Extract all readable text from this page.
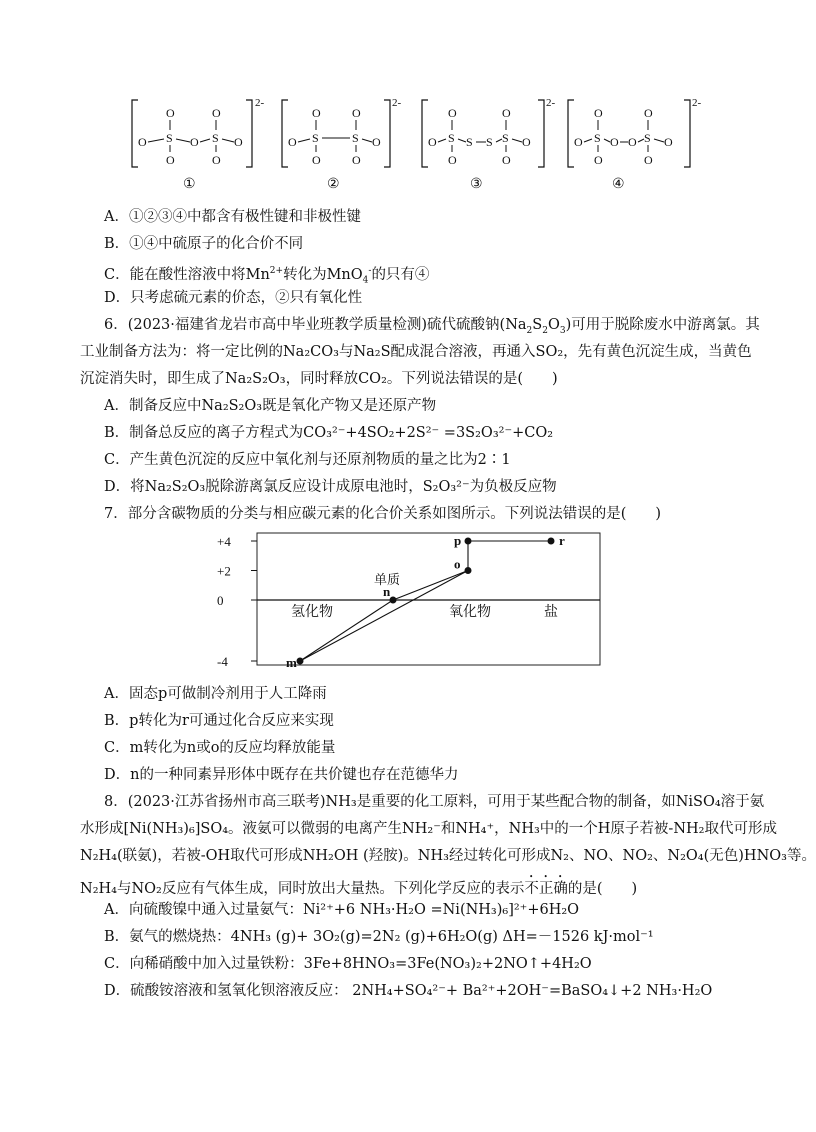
2-
O
S
O
O	O
O
S
O
O
2-
O
O
S
O
O
S
O
O
2-
O
O
S
O
S S
O
S
O
O
2-
O
O
S
O
O O
O
S
O
O
①	②	③	④
A．①②③④中都含有极性键和非极性键
B．①④中硫原子的化合价不同
C．能在酸性溶液中将$Mn^{2+}$转化为MnO$_4$-的只有④
D．只考虑硫元素的价态，②只有氧化性
6．(2023·福建省龙岩市高中毕业班教学质量检测)硫代硫酸钠$(Na_2S_2O_3)$可用于脱除废水中游离氯。其
工业制备方法为：将一定比例的Na₂CO₃与Na₂S配成混合溶液，再通入SO₂，先有黄色沉淀生成，当黄色
沉淀消失时，即生成了Na₂S₂O₃，同时释放CO₂。下列说法错误的是(　　)
A．制备反应中Na₂S₂O₃既是氧化产物又是还原产物
B．制备总反应的离子方程式为CO₃²⁻+4SO₂+2S²⁻ =3S₂O₃²⁻+CO₂
C．产生黄色沉淀的反应中氧化剂与还原剂物质的量之比为2∶1
D．将Na₂S₂O₃脱除游离氯反应设计成原电池时，S₂O₃²⁻为负极反应物
7．部分含碳物质的分类与相应碳元素的化合价关系如图所示。下列说法错误的是(　　)
+4
+2
0
-4	m
n
o
p	r
氢化物	氧化物	盐
单质
A．固态p可做制冷剂用于人工降雨
B．p转化为r可通过化合反应来实现
C．m转化为n或o的反应均释放能量
D．n的一种同素异形体中既存在共价键也存在范德华力
8．(2023·江苏省扬州市高三联考)NH₃是重要的化工原料，可用于某些配合物的制备，如NiSO₄溶于氨
水形成[Ni(NH₃)₆]SO₄。液氨可以微弱的电离产生NH₂⁻和NH₄⁺，NH₃中的一个H原子若被-NH₂取代可形成
N₂H₄(联氨)，若被-OH取代可形成NH₂OH (羟胺)。NH₃经过转化可形成N₂、NO、NO₂、N₂O₄(无色)HNO₃等。
N₂H₄与NO₂反应有气体生成，同时放出大量热。下列化学反应的表示不正确的是(　　)
A．向硫酸镍中通入过量氨气：Ni²⁺+6 NH₃·H₂O =Ni(NH₃)₆]²⁺+6H₂O
B．氨气的燃烧热：4NH₃ (g)+ 3O₂(g)=2N₂ (g)+6H₂O(g) ΔH=－1526 kJ·mol⁻¹
C．向稀硝酸中加入过量铁粉：3Fe+8HNO₃=3Fe(NO₃)₂+2NO↑+4H₂O
D．硫酸铵溶液和氢氧化钡溶液反应： 2NH₄+SO₄²⁻+ Ba²⁺+2OH⁻=BaSO₄↓+2 NH₃·H₂O
